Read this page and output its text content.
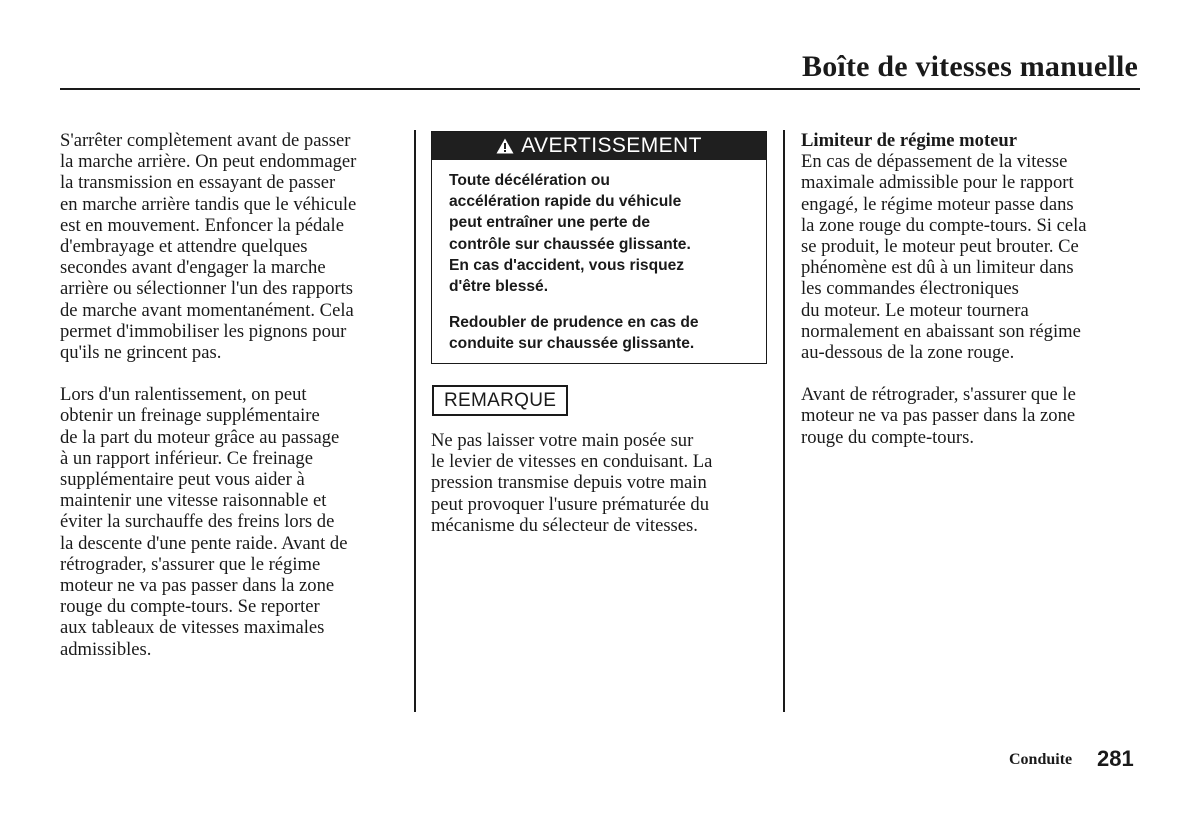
Boîte de vitesses manuelle
S'arrêter complètement avant de passer
la marche arrière. On peut endommager
la transmission en essayant de passer
en marche arrière tandis que le véhicule
est en mouvement. Enfoncer la pédale
d'embrayage et attendre quelques
secondes avant d'engager la marche
arrière ou sélectionner l'un des rapports
de marche avant momentanément. Cela
permet d'immobiliser les pignons pour
qu'ils ne grincent pas.
Lors d'un ralentissement, on peut
obtenir un freinage supplémentaire
de la part du moteur grâce au passage
à un rapport inférieur. Ce freinage
supplémentaire peut vous aider à
maintenir une vitesse raisonnable et
éviter la surchauffe des freins lors de
la descente d'une pente raide. Avant de
rétrograder, s'assurer que le régime
moteur ne va pas passer dans la zone
rouge du compte-tours. Se reporter
aux tableaux de vitesses maximales
admissibles.
AVERTISSEMENT
Toute décélération ou
accélération rapide du véhicule
peut entraîner une perte de
contrôle sur chaussée glissante.
En cas d'accident, vous risquez
d'être blessé.
Redoubler de prudence en cas de
conduite sur chaussée glissante.
REMARQUE
Ne pas laisser votre main posée sur
le levier de vitesses en conduisant. La
pression transmise depuis votre main
peut provoquer l'usure prématurée du
mécanisme du sélecteur de vitesses.
Limiteur de régime moteur
En cas de dépassement de la vitesse
maximale admissible pour le rapport
engagé, le régime moteur passe dans
la zone rouge du compte-tours. Si cela
se produit, le moteur peut brouter. Ce
phénomène est dû à un limiteur dans
les commandes électroniques
du moteur. Le moteur tournera
normalement en abaissant son régime
au-dessous de la zone rouge.
Avant de rétrograder, s'assurer que le
moteur ne va pas passer dans la zone
rouge du compte-tours.
Conduite 281
